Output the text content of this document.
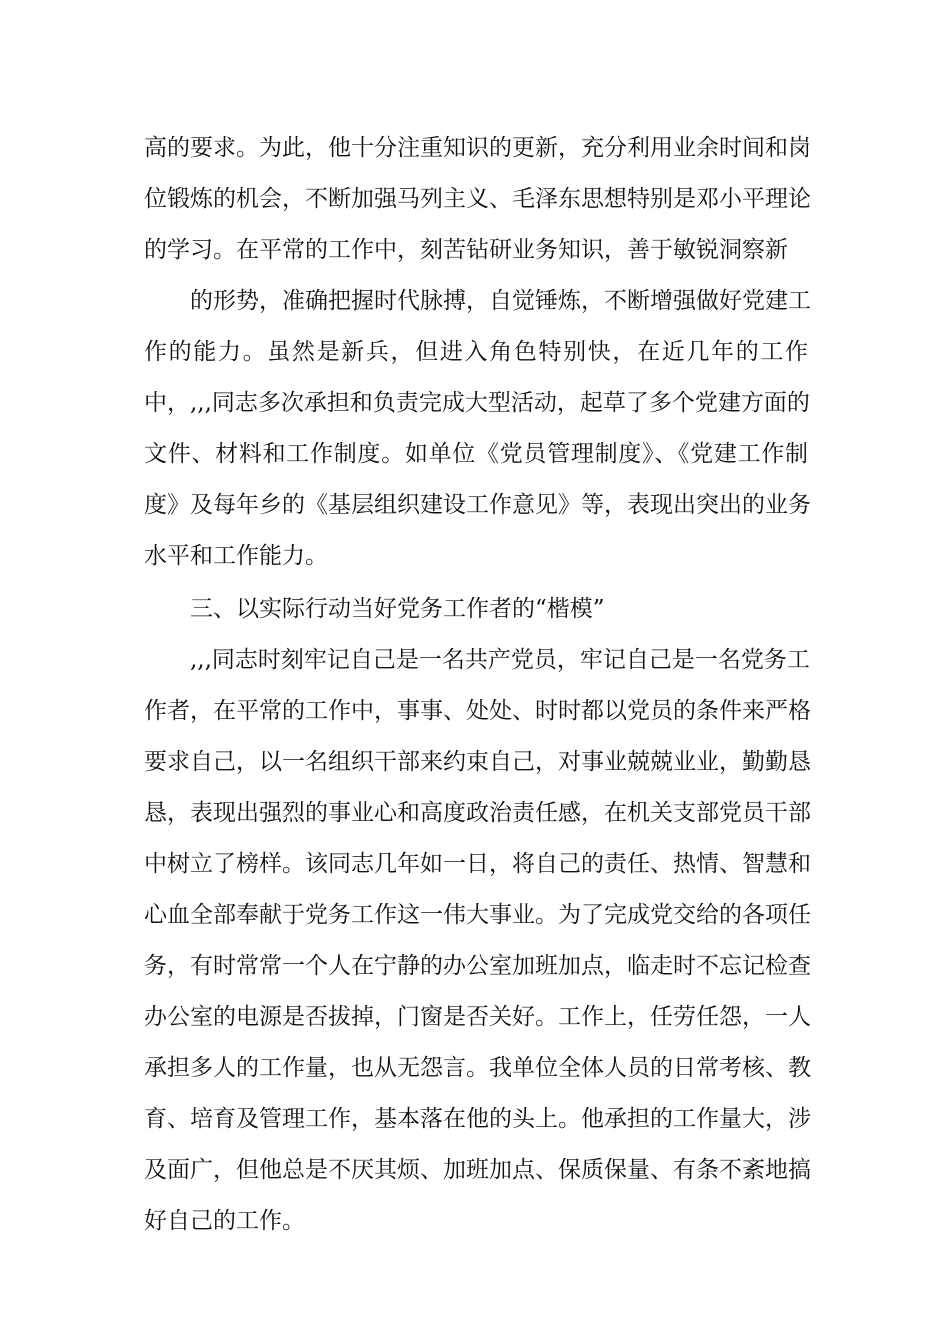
高的要求。为此，他十分注重知识的更新，充分利用业余时间和岗
位锻炼的机会，不断加强马列主义、毛泽东思想特别是邓小平理论
的学习。在平常的工作中，刻苦钻研业务知识，善于敏锐洞察新
的形势，准确把握时代脉搏，自觉锤炼，不断增强做好党建工
作的能力。虽然是新兵，但进入角色特别快，在近几年的工作
中，,,,同志多次承担和负责完成大型活动，起草了多个党建方面的
文件、材料和工作制度。如单位《党员管理制度》、《党建工作制
度》及每年乡的《基层组织建设工作意见》等，表现出突出的业务
水平和工作能力。
三、以实际行动当好党务工作者的“楷模”
,,,同志时刻牢记自己是一名共产党员，牢记自己是一名党务工
作者，在平常的工作中，事事、处处、时时都以党员的条件来严格
要求自己，以一名组织干部来约束自己，对事业兢兢业业，勤勤恳
恳，表现出强烈的事业心和高度政治责任感，在机关支部党员干部
中树立了榜样。该同志几年如一日，将自己的责任、热情、智慧和
心血全部奉献于党务工作这一伟大事业。为了完成党交给的各项任
务，有时常常一个人在宁静的办公室加班加点，临走时不忘记检查
办公室的电源是否拔掉，门窗是否关好。工作上，任劳任怨，一人
承担多人的工作量，也从无怨言。我单位全体人员的日常考核、教
育、培育及管理工作，基本落在他的头上。他承担的工作量大，涉
及面广，但他总是不厌其烦、加班加点、保质保量、有条不紊地搞
好自己的工作。
